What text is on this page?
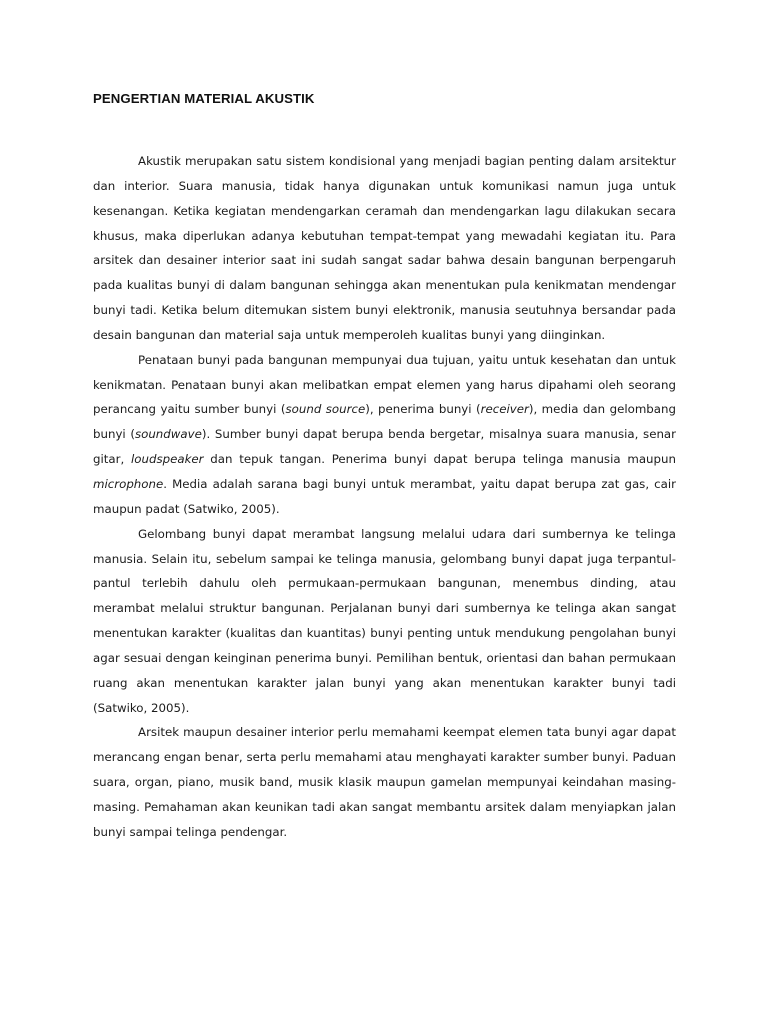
PENGERTIAN MATERIAL AKUSTIK

Akustik merupakan satu sistem kondisional yang menjadi bagian penting dalam arsitektur dan interior. Suara manusia, tidak hanya digunakan untuk komunikasi namun juga untuk kesenangan. Ketika kegiatan mendengarkan ceramah dan mendengarkan lagu dilakukan secara khusus, maka diperlukan adanya kebutuhan tempat-tempat yang mewadahi kegiatan itu. Para arsitek dan desainer interior saat ini sudah sangat sadar bahwa desain bangunan berpengaruh pada kualitas bunyi di dalam bangunan sehingga akan menentukan pula kenikmatan mendengar bunyi tadi. Ketika belum ditemukan sistem bunyi elektronik, manusia seutuhnya bersandar pada desain bangunan dan material saja untuk memperoleh kualitas bunyi yang diinginkan.

Penataan bunyi pada bangunan mempunyai dua tujuan, yaitu untuk kesehatan dan untuk kenikmatan. Penataan bunyi akan melibatkan empat elemen yang harus dipahami oleh seorang perancang yaitu sumber bunyi (sound source), penerima bunyi (receiver), media dan gelombang bunyi (soundwave). Sumber bunyi dapat berupa benda bergetar, misalnya suara manusia, senar gitar, loudspeaker dan tepuk tangan. Penerima bunyi dapat berupa telinga manusia maupun microphone. Media adalah sarana bagi bunyi untuk merambat, yaitu dapat berupa zat gas, cair maupun padat (Satwiko, 2005).

Gelombang bunyi dapat merambat langsung melalui udara dari sumbernya ke telinga manusia. Selain itu, sebelum sampai ke telinga manusia, gelombang bunyi dapat juga terpantul-pantul terlebih dahulu oleh permukaan-permukaan bangunan, menembus dinding, atau merambat melalui struktur bangunan. Perjalanan bunyi dari sumbernya ke telinga akan sangat menentukan karakter (kualitas dan kuantitas) bunyi penting untuk mendukung pengolahan bunyi agar sesuai dengan keinginan penerima bunyi. Pemilihan bentuk, orientasi dan bahan permukaan ruang akan menentukan karakter jalan bunyi yang akan menentukan karakter bunyi tadi (Satwiko, 2005).

Arsitek maupun desainer interior perlu memahami keempat elemen tata bunyi agar dapat merancang engan benar, serta perlu memahami atau menghayati karakter sumber bunyi. Paduan suara, organ, piano, musik band, musik klasik maupun gamelan mempunyai keindahan masing-masing. Pemahaman akan keunikan tadi akan sangat membantu arsitek dalam menyiapkan jalan bunyi sampai telinga pendengar.
